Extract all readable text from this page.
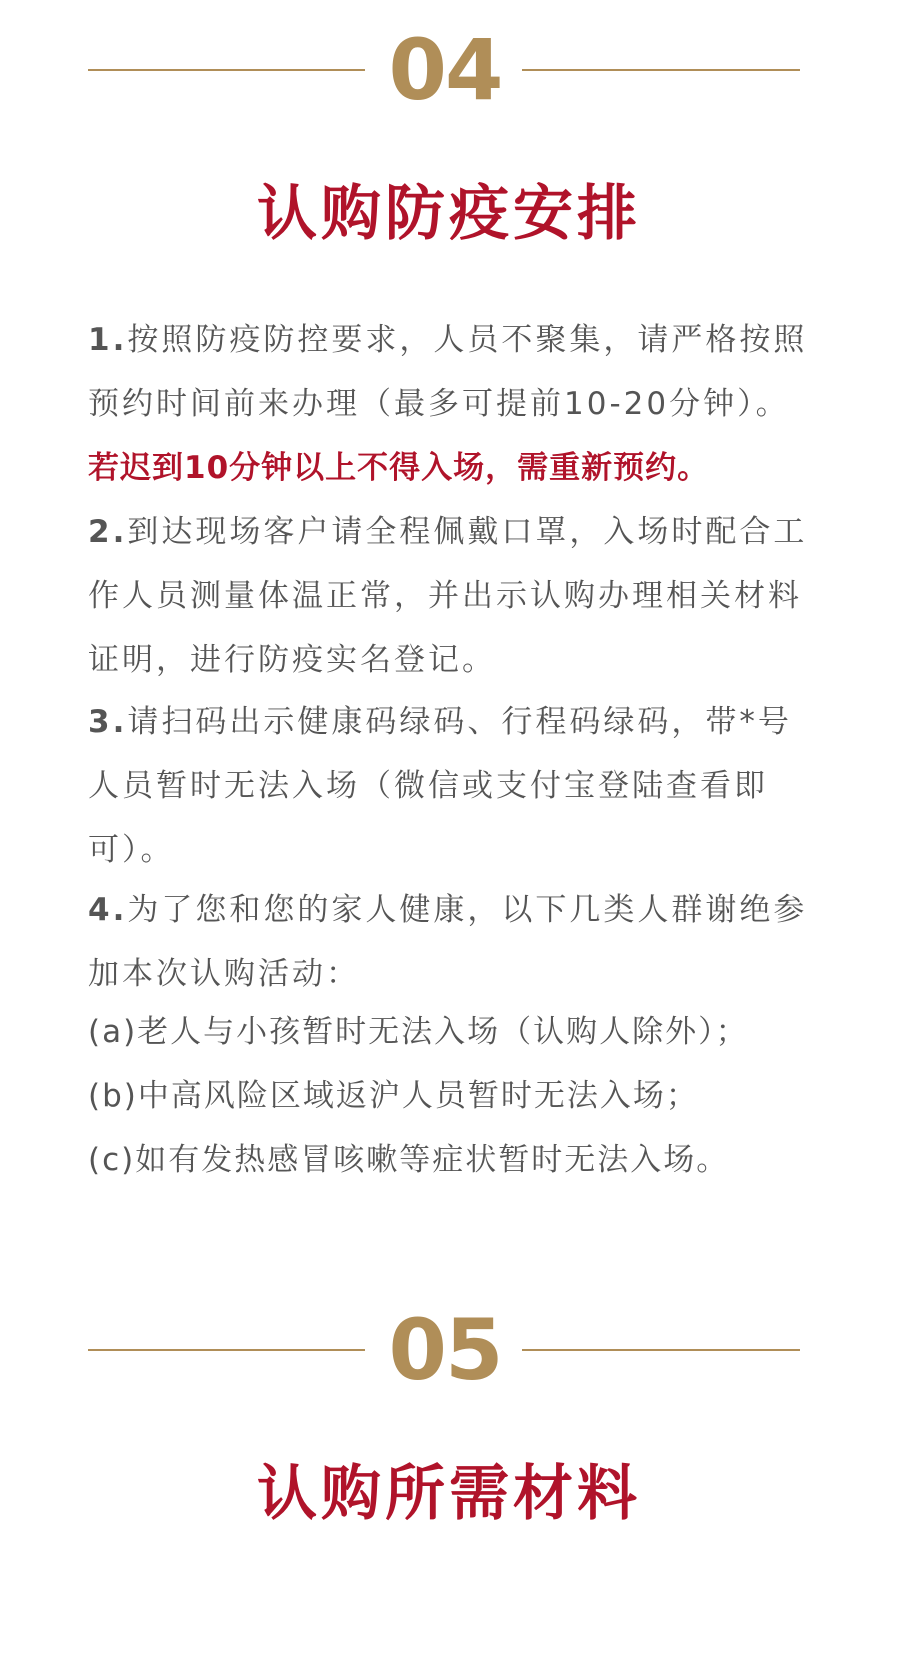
04
认购防疫安排

1.按照防疫防控要求，人员不聚集，请严格按照预约时间前来办理（最多可提前10-20分钟）。

若迟到10分钟以上不得入场，需重新预约。

2.到达现场客户请全程佩戴口罩，入场时配合工作人员测量体温正常，并出示认购办理相关材料证明，进行防疫实名登记。

3.请扫码出示健康码绿码、行程码绿码，带*号人员暂时无法入场（微信或支付宝登陆查看即可）。

4.为了您和您的家人健康，以下几类人群谢绝参加本次认购活动：

(a)老人与小孩暂时无法入场（认购人除外）；

(b)中高风险区域返沪人员暂时无法入场；

(c)如有发热感冒咳嗽等症状暂时无法入场。

05
认购所需材料
